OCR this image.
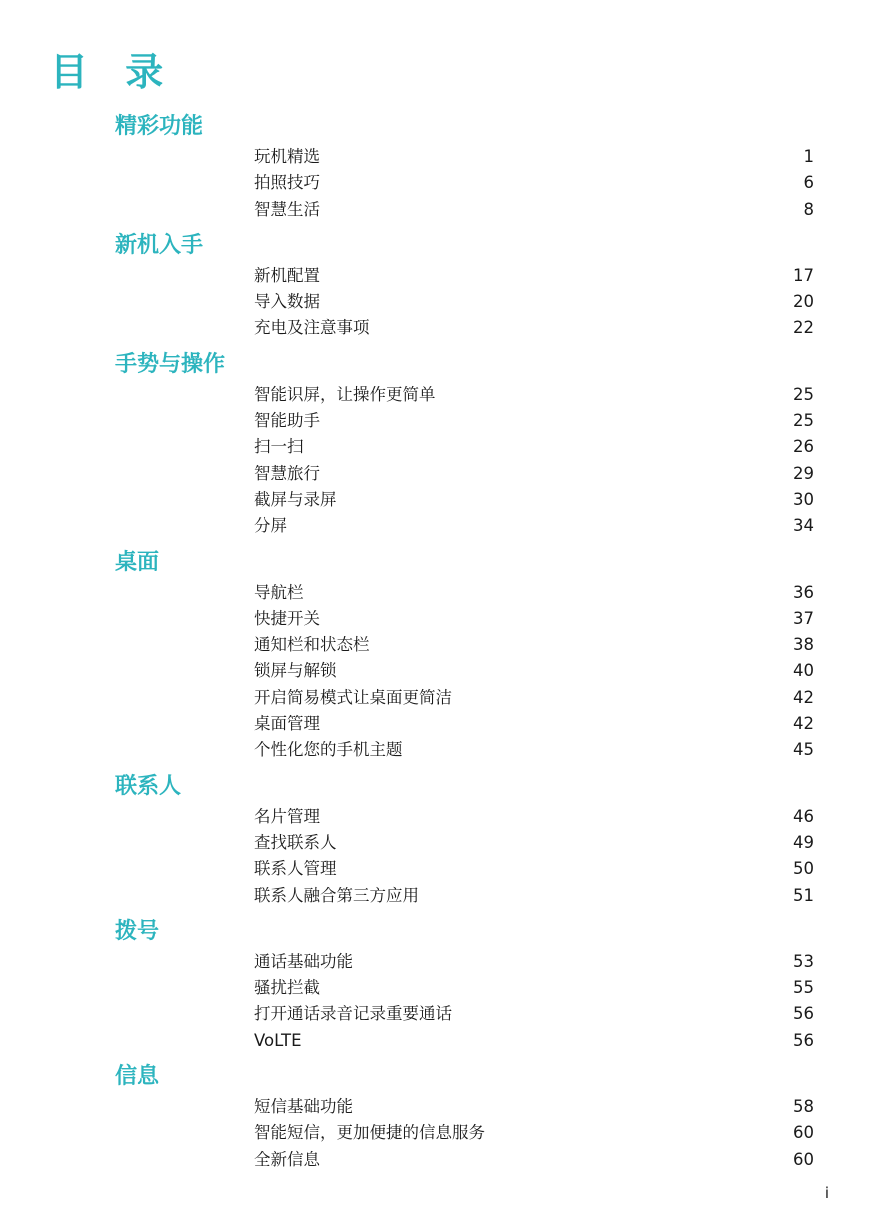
目 录
精彩功能
玩机精选	1
拍照技巧	6
智慧生活	8
新机入手
新机配置	17
导入数据	20
充电及注意事项	22
手势与操作
智能识屏，让操作更简单	25
智能助手	25
扫一扫	26
智慧旅行	29
截屏与录屏	30
分屏	34
桌面
导航栏	36
快捷开关	37
通知栏和状态栏	38
锁屏与解锁	40
开启简易模式让桌面更简洁	42
桌面管理	42
个性化您的手机主题	45
联系人
名片管理	46
查找联系人	49
联系人管理	50
联系人融合第三方应用	51
拨号
通话基础功能	53
骚扰拦截	55
打开通话录音记录重要通话	56
VoLTE	56
信息
短信基础功能	58
智能短信，更加便捷的信息服务	60
全新信息	60
i
